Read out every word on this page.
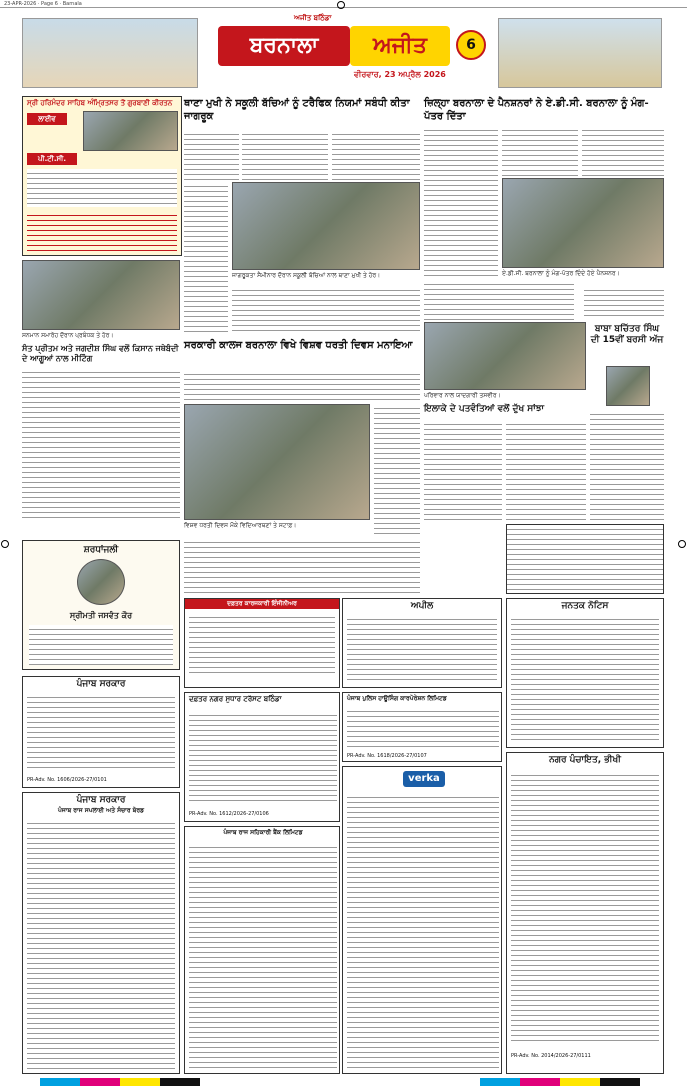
23-APR-2026 · Page 6 · Barnala
ਅਜੀਤ ਬਠਿੰਡਾ
ਬਰਨਾਲਾ	ਅਜੀਤ	6
ਵੀਰਵਾਰ, 23 ਅਪ੍ਰੈਲ 2026
ਸ੍ਰੀ ਹਰਿਮੰਦਰ ਸਾਹਿਬ ਅੰਮ੍ਰਿਤਸਰ ਤੋਂ ਗੁਰਬਾਣੀ ਕੀਰਤਨ
ਲਾਈਵ
ਪੀ.ਟੀ.ਸੀ.
ਸਨਮਾਨ ਸਮਾਰੋਹ ਦੌਰਾਨ ਪ੍ਰਬੰਧਕ ਤੇ ਹੋਰ।
ਸੰਤ ਪ੍ਰੀਤਮ ਅਤੇ ਜਗਦੀਸ਼ ਸਿੰਘ ਵਲੋਂ ਕਿਸਾਨ ਜਥੇਬੰਦੀ ਦੇ ਆਗੂਆਂ ਨਾਲ ਮੀਟਿੰਗ
ਥਾਣਾ ਮੁਖੀ ਨੇ ਸਕੂਲੀ ਬੱਚਿਆਂ ਨੂੰ ਟਰੈਫਿਕ ਨਿਯਮਾਂ ਸਬੰਧੀ ਕੀਤਾ ਜਾਗਰੂਕ
ਜਾਗਰੂਕਤਾ ਸੈਮੀਨਾਰ ਦੌਰਾਨ ਸਕੂਲੀ ਬੱਚਿਆਂ ਨਾਲ ਥਾਣਾ ਮੁਖੀ ਤੇ ਹੋਰ।
ਸਰਕਾਰੀ ਕਾਲਜ ਬਰਨਾਲਾ ਵਿਖੇ ਵਿਸ਼ਵ ਧਰਤੀ ਦਿਵਸ ਮਨਾਇਆ
ਵਿਸ਼ਵ ਧਰਤੀ ਦਿਵਸ ਮੌਕੇ ਵਿਦਿਆਰਥਣਾਂ ਤੇ ਸਟਾਫ਼।
ਜ਼ਿਲ੍ਹਾ ਬਰਨਾਲਾ ਦੇ ਪੈਨਸ਼ਨਰਾਂ ਨੇ ਏ.ਡੀ.ਸੀ. ਬਰਨਾਲਾ ਨੂੰ ਮੰਗ-ਪੱਤਰ ਦਿੱਤਾ
ਏ.ਡੀ.ਸੀ. ਬਰਨਾਲਾ ਨੂੰ ਮੰਗ-ਪੱਤਰ ਦਿੰਦੇ ਹੋਏ ਪੈਨਸ਼ਨਰ।
ਪਰਿਵਾਰ ਨਾਲ ਯਾਦਗਾਰੀ ਤਸਵੀਰ।
ਇਲਾਕੇ ਦੇ ਪਤਵੰਤਿਆਂ ਵਲੋਂ ਦੁੱਖ ਸਾਂਝਾ
ਬਾਬਾ ਬਚਿੱਤਰ ਸਿੰਘ ਦੀ 15ਵੀਂ ਬਰਸੀ ਅੱਜ
ਸ਼ਰਧਾਂਜਲੀ
ਸ੍ਰੀਮਤੀ ਜਸਵੰਤ ਕੌਰ
ਦਫ਼ਤਰ ਕਾਰਜਕਾਰੀ ਇੰਜੀਨੀਅਰ	ਅਪੀਲ	ਜਨਤਕ ਨੋਟਿਸ
ਪੰਜਾਬ ਸਰਕਾਰ
PR-Adv. No. 1606/2026-27/0101
ਦਫ਼ਤਰ ਨਗਰ ਸੁਧਾਰ ਟਰੱਸਟ ਬਠਿੰਡਾ
PR-Adv. No. 1612/2026-27/0106
ਪੰਜਾਬ ਪੁਲਿਸ ਹਾਊਸਿੰਗ ਕਾਰਪੋਰੇਸ਼ਨ ਲਿਮਿਟਡ
PR-Adv. No. 1618/2026-27/0107
verka
ਨਗਰ ਪੰਚਾਇਤ, ਭੀਖੀ
PR-Adv. No. 2014/2026-27/0111
ਪੰਜਾਬ ਸਰਕਾਰ
ਪੰਜਾਬ ਰਾਜ ਸਪਲਾਈ ਅਤੇ ਸੰਚਾਰ ਬੋਰਡ
ਪੰਜਾਬ ਰਾਜ ਸਹਿਕਾਰੀ ਬੈਂਕ ਲਿਮਿਟਡ
